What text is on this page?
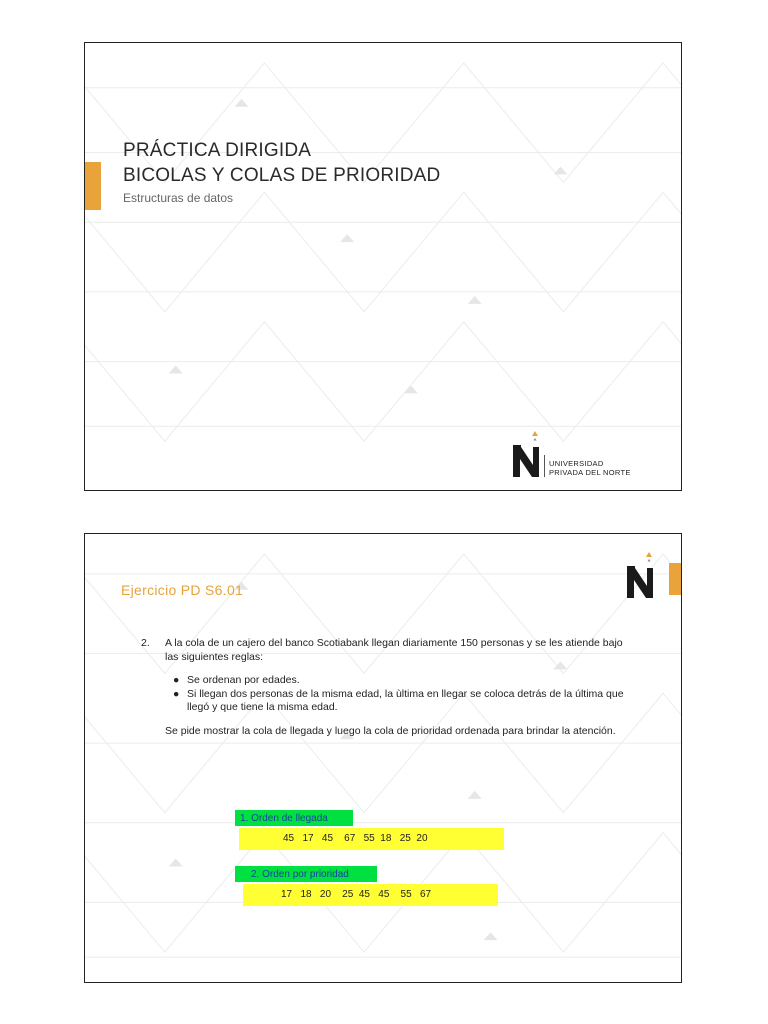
PRÁCTICA DIRIGIDA
BICOLAS Y COLAS DE PRIORIDAD
Estructuras de datos
UNIVERSIDAD
PRIVADA DEL NORTE
Ejercicio PD S6.01
2.	A la cola de un cajero del banco Scotiabank llegan diariamente 150 personas y se les atiende bajo las siguientes reglas:
● Se ordenan por edades.
● Si llegan dos personas de la misma edad, la ùltima en llegar se coloca detrás de la última que llegó y que tiene la misma edad.
Se pide mostrar la cola de llegada y luego la cola de prioridad ordenada para brindar la atención.
1. Orden de llegada
45   17   45    67   55  18   25  20
2. Orden por prioridad
17   18   20    25  45   45    55   67
